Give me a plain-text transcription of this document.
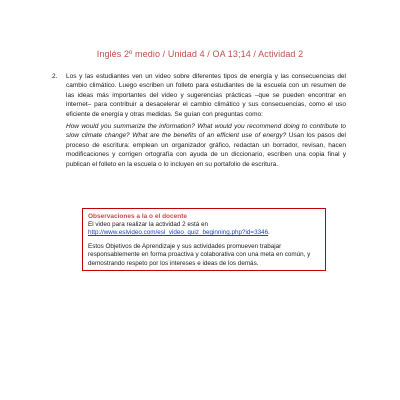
Inglés 2º medio / Unidad 4 / OA 13;14 / Actividad 2
2. Los y las estudiantes ven un video sobre diferentes tipos de energía y las consecuencias del cambio climático. Luego escriben un folleto para estudiantes de la escuela con un resumen de las ideas más importantes del video y sugerencias prácticas –que se pueden encontrar en internet– para contribuir a desacelerar el cambio climático y sus consecuencias, como el uso eficiente de energía y otras medidas. Se guían con preguntas como:

How would you summarize the information? What would you recommend doing to contribute to slow climate change? What are the benefits of an efficient use of energy? Usan los pasos del proceso de escritura: emplean un organizador gráfico, redactan un borrador, revisan, hacen modificaciones y corrigen ortografía con ayuda de un diccionario, escriben una copia final y publican el folleto en la escuela o lo incluyen en su portafolio de escritura.

Observaciones a la o el docente

El video para realizar la actividad 2 está en
http://www.eslvideo.com/esl_video_quiz_beginning.php?id=3346.

Estos Objetivos de Aprendizaje y sus actividades promueven trabajar responsablemente en forma proactiva y colaborativa con una meta en común, y demostrando respeto por los intereses e ideas de los demás.
